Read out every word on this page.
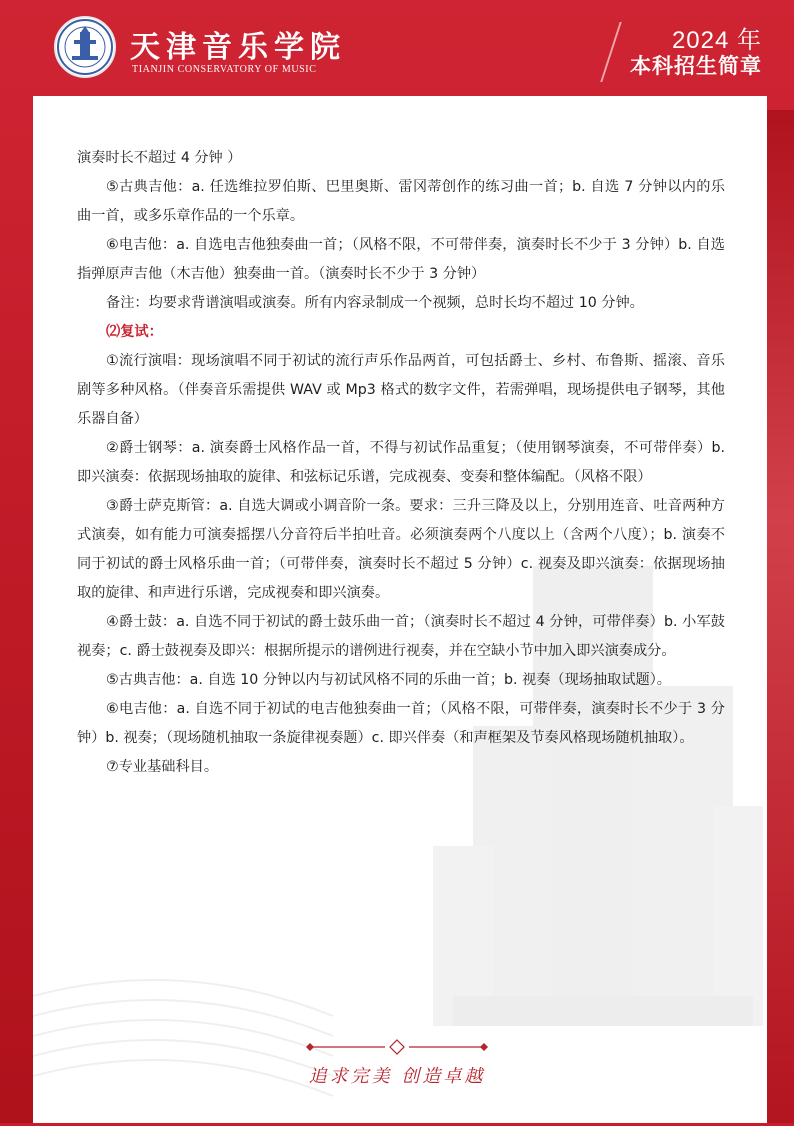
天津音乐学院
TIANJIN CONSERVATORY OF MUSIC
2024 年
本科招生简章

演奏时长不超过 4 分钟 ）

⑤古典吉他：a. 任选维拉罗伯斯、巴里奥斯、雷冈蒂创作的练习曲一首；b. 自选 7 分钟以内的乐曲一首，或多乐章作品的一个乐章。

⑥电吉他：a. 自选电吉他独奏曲一首；（风格不限，不可带伴奏，演奏时长不少于 3 分钟）b. 自选指弹原声吉他（木吉他）独奏曲一首。（演奏时长不少于 3 分钟）

备注：均要求背谱演唱或演奏。所有内容录制成一个视频，总时长均不超过 10 分钟。

⑵复试：

①流行演唱：现场演唱不同于初试的流行声乐作品两首，可包括爵士、乡村、布鲁斯、摇滚、音乐剧等多种风格。（伴奏音乐需提供 WAV 或 Mp3 格式的数字文件，若需弹唱，现场提供电子钢琴，其他乐器自备）

②爵士钢琴：a. 演奏爵士风格作品一首，不得与初试作品重复；（使用钢琴演奏，不可带伴奏）b. 即兴演奏：依据现场抽取的旋律、和弦标记乐谱，完成视奏、变奏和整体编配。（风格不限）

③爵士萨克斯管：a. 自选大调或小调音阶一条。要求：三升三降及以上，分别用连音、吐音两种方式演奏，如有能力可演奏摇摆八分音符后半拍吐音。必须演奏两个八度以上（含两个八度）；b. 演奏不同于初试的爵士风格乐曲一首；（可带伴奏，演奏时长不超过 5 分钟）c. 视奏及即兴演奏：依据现场抽取的旋律、和声进行乐谱，完成视奏和即兴演奏。

④爵士鼓：a. 自选不同于初试的爵士鼓乐曲一首；（演奏时长不超过 4 分钟，可带伴奏）b. 小军鼓视奏；c. 爵士鼓视奏及即兴：根据所提示的谱例进行视奏，并在空缺小节中加入即兴演奏成分。

⑤古典吉他：a. 自选 10 分钟以内与初试风格不同的乐曲一首；b. 视奏（现场抽取试题）。

⑥电吉他：a. 自选不同于初试的电吉他独奏曲一首；（风格不限，可带伴奏，演奏时长不少于 3 分钟）b. 视奏；（现场随机抽取一条旋律视奏题）c. 即兴伴奏（和声框架及节奏风格现场随机抽取）。

⑦专业基础科目。

追求完美 创造卓越
